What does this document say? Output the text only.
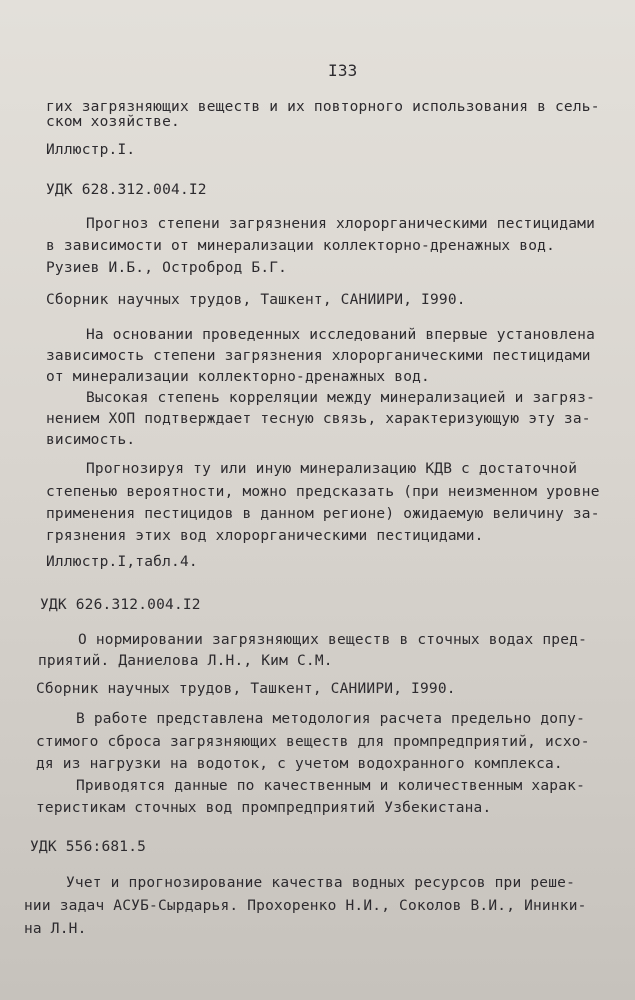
I33
гих загрязняющих веществ и их повторного использования в сель-
ском хозяйстве.
Иллюстр.I.
УДК 628.312.004.I2
Прогноз степени загрязнения хлорорганическими пестицидами
в зависимости от минерализации коллекторно-дренажных вод.
Рузиев И.Б., Остроброд Б.Г.
Сборник научных трудов, Ташкент, САНИИРИ, I990.
На основании проведенных исследований впервые установлена
зависимость степени загрязнения хлорорганическими пестицидами
от минерализации коллекторно-дренажных вод.
Высокая степень корреляции между минерализацией и загряз-
нением ХОП подтверждает тесную связь, характеризующую эту за-
висимость.
Прогнозируя ту или иную минерализацию КДВ с достаточной
степенью вероятности, можно предсказать (при неизменном уровне
применения пестицидов в данном регионе) ожидаемую величину за-
грязнения этих вод хлорорганическими пестицидами.
Иллюстр.I,табл.4.
УДК 626.312.004.I2
О нормировании загрязняющих веществ в сточных водах пред-
приятий. Даниелова Л.Н., Ким С.М.
Сборник научных трудов, Ташкент, САНИИРИ, I990.
В работе представлена методология расчета предельно допу-
стимого сброса загрязняющих веществ для промпредприятий, исхо-
дя из нагрузки на водоток, с учетом водохранного комплекса.
Приводятся данные по качественным и количественным харак-
теристикам сточных вод промпредприятий Узбекистана.
УДК 556:681.5
Учет и прогнозирование качества водных ресурсов при реше-
нии задач АСУБ-Сырдарья. Прохоренко Н.И., Соколов В.И., Ининки-
на Л.Н.
